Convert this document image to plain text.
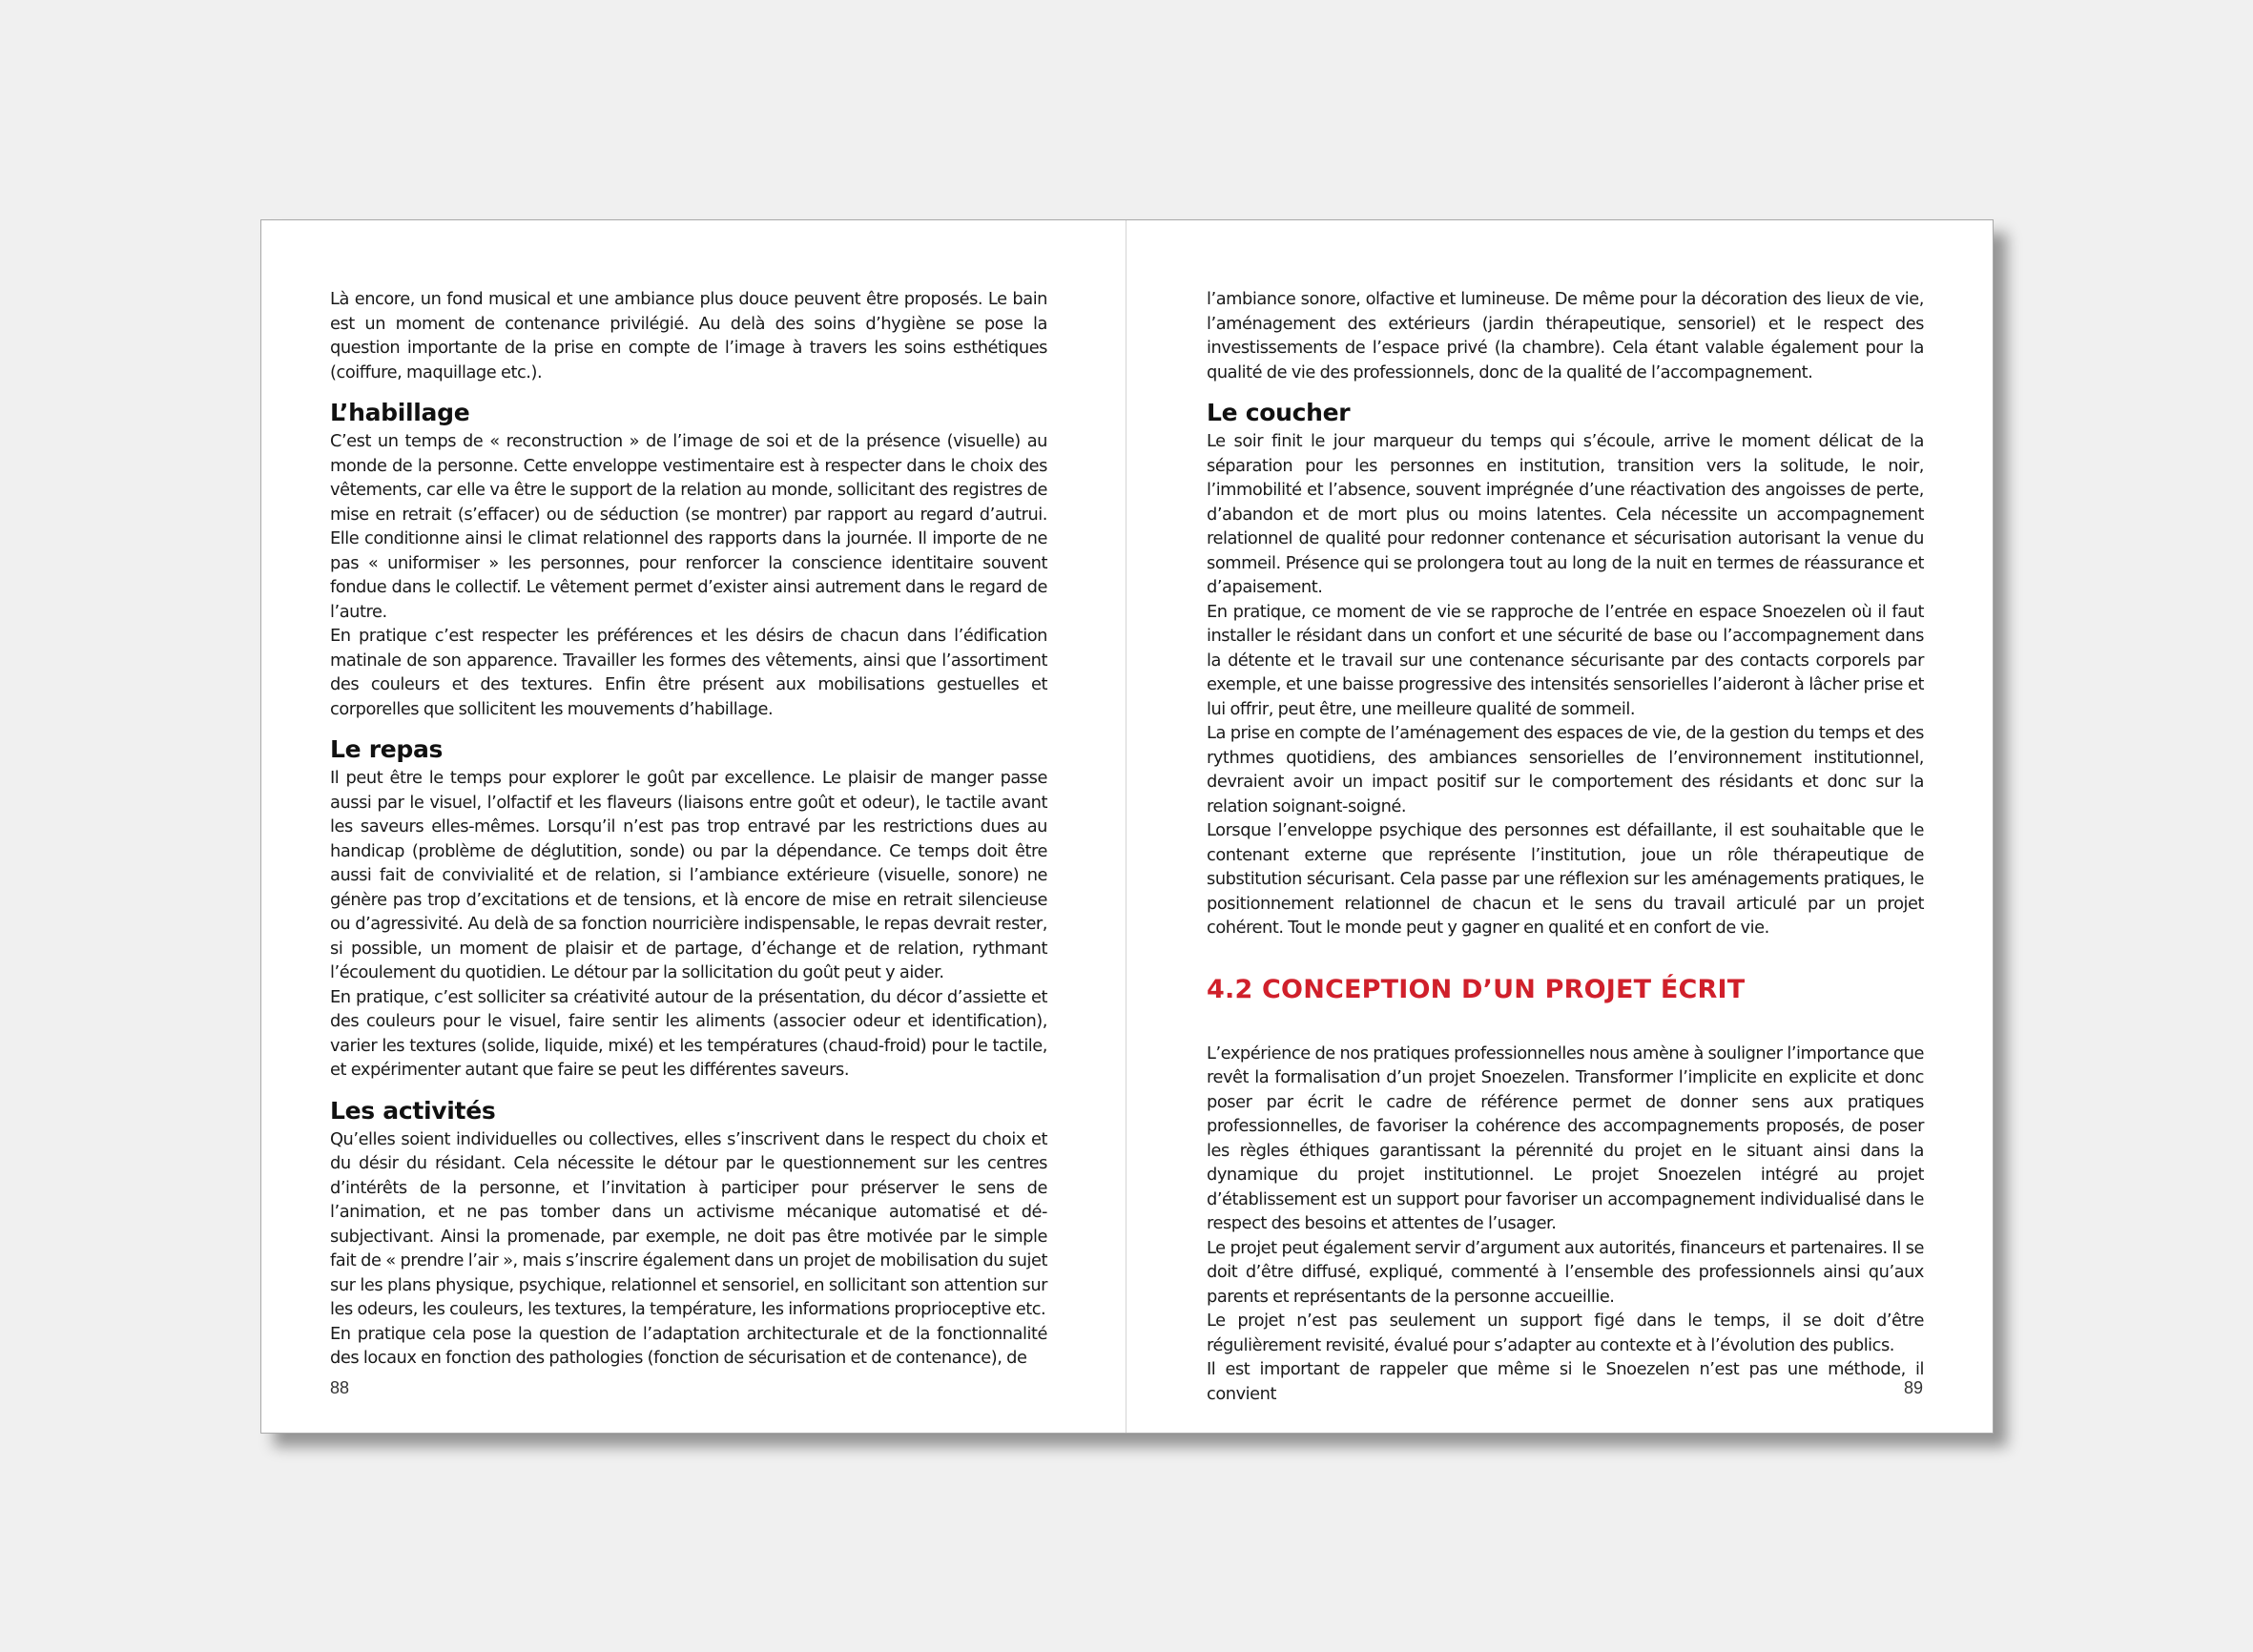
Là encore, un fond musical et une ambiance plus douce peuvent être proposés. Le bain est un moment de contenance privilégié. Au delà des soins d’hygiène se pose la question importante de la prise en compte de l’image à travers les soins esthétiques (coiffure, maquillage etc.).

L’habillage

C’est un temps de « reconstruction » de l’image de soi et de la présence (visuelle) au monde de la personne. Cette enveloppe vestimentaire est à respecter dans le choix des vêtements, car elle va être le support de la relation au monde, sollicitant des registres de mise en retrait (s’effacer) ou de séduction (se montrer) par rapport au regard d’autrui. Elle conditionne ainsi le climat relationnel des rapports dans la journée. Il importe de ne pas « uniformiser » les personnes, pour renforcer la conscience identitaire souvent fondue dans le collectif. Le vêtement permet d’exister ainsi autrement dans le regard de l’autre.

En pratique c’est respecter les préférences et les désirs de chacun dans l’édification matinale de son apparence. Travailler les formes des vêtements, ainsi que l’assortiment des couleurs et des textures. Enfin être présent aux mobilisations gestuelles et corporelles que sollicitent les mouvements d’habillage.

Le repas

Il peut être le temps pour explorer le goût par excellence. Le plaisir de manger passe aussi par le visuel, l’olfactif et les flaveurs (liaisons entre goût et odeur), le tactile avant les saveurs elles-mêmes. Lorsqu’il n’est pas trop entravé par les restrictions dues au handicap (problème de déglutition, sonde) ou par la dépendance. Ce temps doit être aussi fait de convivialité et de relation, si l’ambiance extérieure (visuelle, sonore) ne génère pas trop d’excitations et de tensions, et là encore de mise en retrait silencieuse ou d’agressivité. Au delà de sa fonction nourricière indispensable, le repas devrait rester, si possible, un moment de plaisir et de partage, d’échange et de relation, rythmant l’écoulement du quotidien. Le détour par la sollicitation du goût peut y aider.

En pratique, c’est solliciter sa créativité autour de la présentation, du décor d’assiette et des couleurs pour le visuel, faire sentir les aliments (associer odeur et identification), varier les textures (solide, liquide, mixé) et les températures (chaud-froid) pour le tactile, et expérimenter autant que faire se peut les différentes saveurs.

Les activités

Qu’elles soient individuelles ou collectives, elles s’inscrivent dans le respect du choix et du désir du résidant. Cela nécessite le détour par le questionnement sur les centres d’intérêts de la personne, et l’invitation à participer pour préserver le sens de l’animation, et ne pas tomber dans un activisme mécanique automatisé et dé-subjectivant. Ainsi la promenade, par exemple, ne doit pas être motivée par le simple fait de « prendre l’air », mais s’inscrire également dans un projet de mobilisation du sujet sur les plans physique, psychique, relationnel et sensoriel, en sollicitant son attention sur les odeurs, les couleurs, les textures, la température, les informations proprioceptive etc.

En pratique cela pose la question de l’adaptation architecturale et de la fonctionnalité des locaux en fonction des pathologies (fonction de sécurisation et de contenance), de

88

l’ambiance sonore, olfactive et lumineuse. De même pour la décoration des lieux de vie, l’aménagement des extérieurs (jardin thérapeutique, sensoriel) et le respect des investissements de l’espace privé (la chambre). Cela étant valable également pour la qualité de vie des professionnels, donc de la qualité de l’accompagnement.

Le coucher

Le soir finit le jour marqueur du temps qui s’écoule, arrive le moment délicat de la séparation pour les personnes en institution, transition vers la solitude, le noir, l’immobilité et l’absence, souvent imprégnée d’une réactivation des angoisses de perte, d’abandon et de mort plus ou moins latentes. Cela nécessite un accompagnement relationnel de qualité pour redonner contenance et sécurisation autorisant la venue du sommeil. Présence qui se prolongera tout au long de la nuit en termes de réassurance et d’apaisement.

En pratique, ce moment de vie se rapproche de l’entrée en espace Snoezelen où il faut installer le résidant dans un confort et une sécurité de base ou l’accompagnement dans la détente et le travail sur une contenance sécurisante par des contacts corporels par exemple, et une baisse progressive des intensités sensorielles l’aideront à lâcher prise et lui offrir, peut être, une meilleure qualité de sommeil.

La prise en compte de l’aménagement des espaces de vie, de la gestion du temps et des rythmes quotidiens, des ambiances sensorielles de l’environnement institutionnel, devraient avoir un impact positif sur le comportement des résidants et donc sur la relation soignant-soigné.

Lorsque l’enveloppe psychique des personnes est défaillante, il est souhaitable que le contenant externe que représente l’institution, joue un rôle thérapeutique de substitution sécurisant. Cela passe par une réflexion sur les aménagements pratiques, le positionnement relationnel de chacun et le sens du travail articulé par un projet cohérent. Tout le monde peut y gagner en qualité et en confort de vie.

4.2 CONCEPTION D’UN PROJET ÉCRIT

L’expérience de nos pratiques professionnelles nous amène à souligner l’importance que revêt la formalisation d’un projet Snoezelen. Transformer l’implicite en explicite et donc poser par écrit le cadre de référence permet de donner sens aux pratiques professionnelles, de favoriser la cohérence des accompagnements proposés, de poser les règles éthiques garantissant la pérennité du projet en le situant ainsi dans la dynamique du projet institutionnel. Le projet Snoezelen intégré au projet d’établissement est un support pour favoriser un accompagnement individualisé dans le respect des besoins et attentes de l’usager.

Le projet peut également servir d’argument aux autorités, financeurs et partenaires. Il se doit d’être diffusé, expliqué, commenté à l’ensemble des professionnels ainsi qu’aux parents et représentants de la personne accueillie.

Le projet n’est pas seulement un support figé dans le temps, il se doit d’être régulièrement revisité, évalué pour s’adapter au contexte et à l’évolution des publics.

Il est important de rappeler que même si le Snoezelen n’est pas une méthode, il convient	89
